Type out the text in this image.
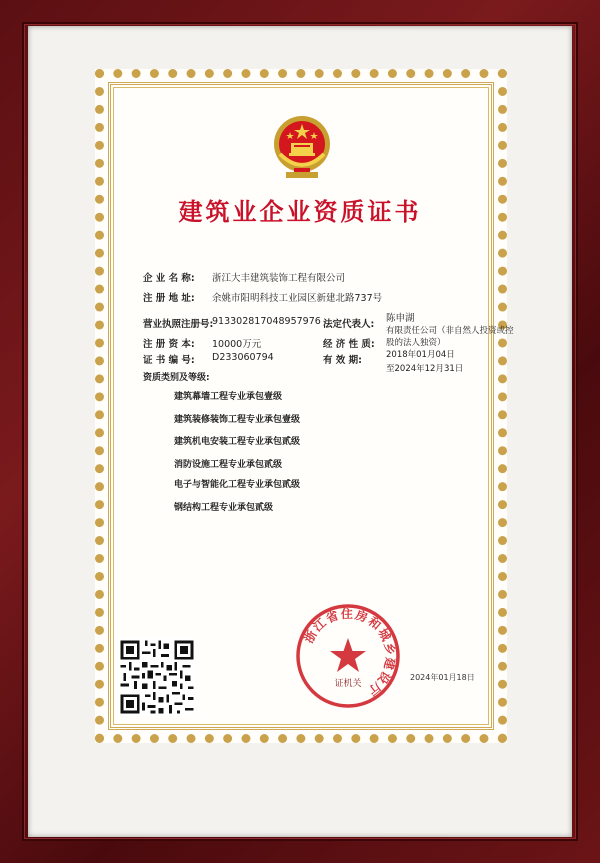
建筑业企业资质证书
企 业 名 称: 浙江大丰建筑装饰工程有限公司
注 册 地 址: 余姚市阳明科技工业园区新建北路737号
营业执照注册号:
913302817048957976
注 册 资 本: 10000万元
证 书 编 号: D233060794
法定代表人:
陈申湖
经 济 性 质:
有限责任公司（非自然人投资或控
股的法人独资）
有 效 期:	2018年01月04日
至2024年12月31日
资质类别及等级:
建筑幕墙工程专业承包壹级
建筑装修装饰工程专业承包壹级
建筑机电安装工程专业承包贰级
消防设施工程专业承包贰级
电子与智能化工程专业承包贰级
钢结构工程专业承包贰级
浙江省住房和城乡建设厅
证机关
2024年01月18日
